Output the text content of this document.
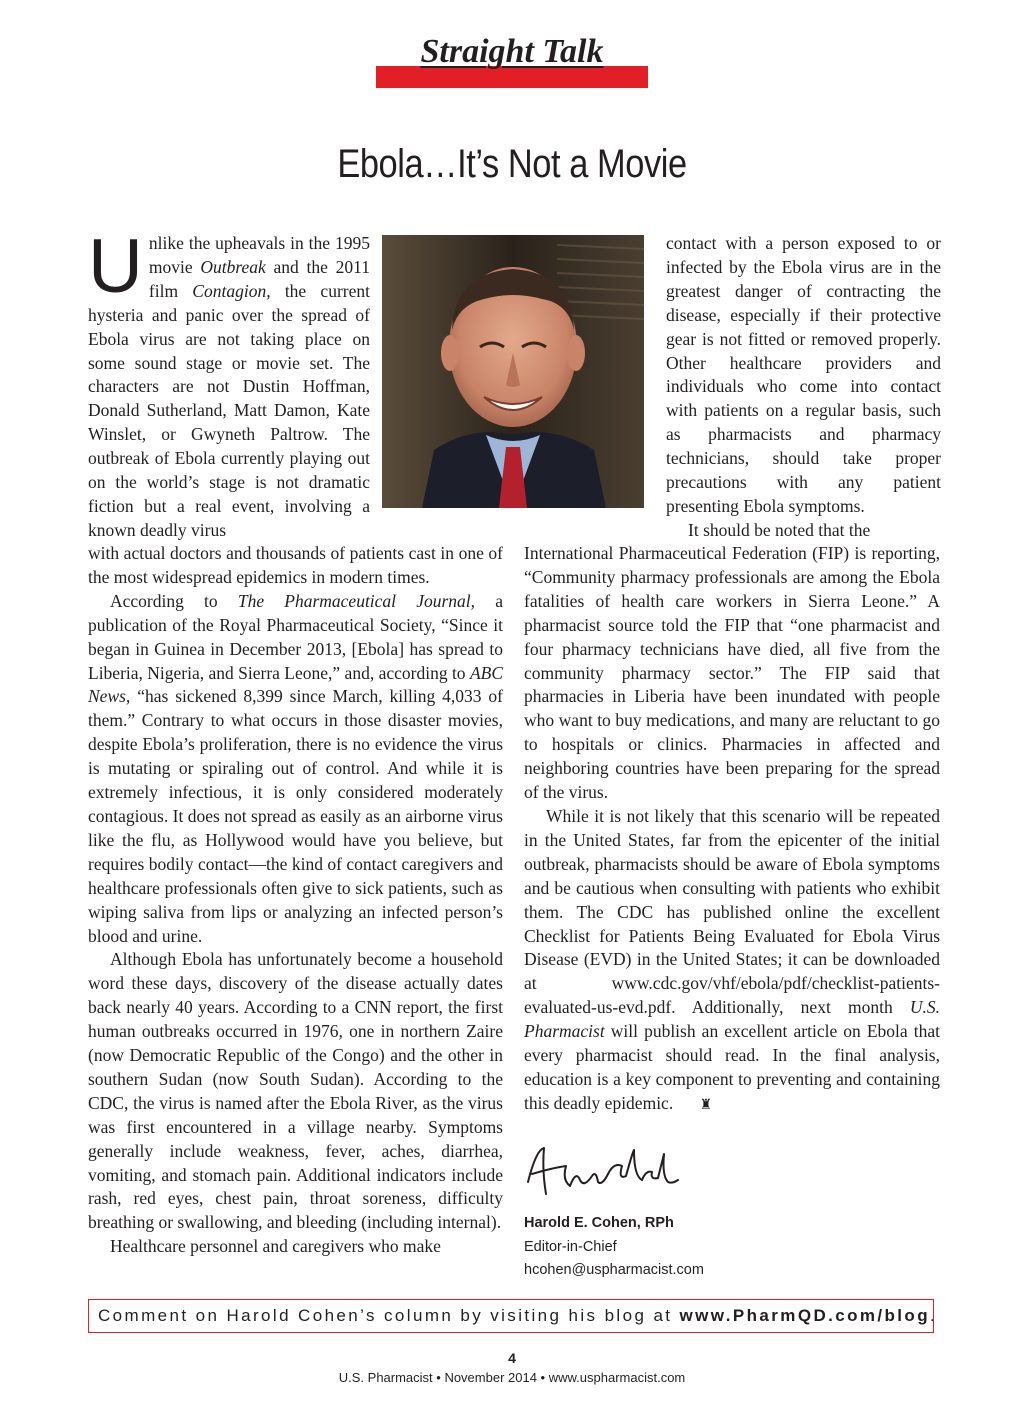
Straight Talk
Ebola…It’s Not a Movie

Unlike the upheavals in the 1995 movie Outbreak and the 2011 film Contagion, the current hysteria and panic over the spread of Ebola virus are not taking place on some sound stage or movie set. The characters are not Dustin Hoffman, Donald Sutherland, Matt Damon, Kate Winslet, or Gwyneth Paltrow. The outbreak of Ebola currently playing out on the world’s stage is not dramatic fiction but a real event, involving a known deadly virus

with actual doctors and thousands of patients cast in one of the most widespread epidemics in modern times.

According to The Pharmaceutical Journal, a publication of the Royal Pharmaceutical Society, “Since it began in Guinea in December 2013, [Ebola] has spread to Liberia, Nigeria, and Sierra Leone,” and, according to ABC News, “has sickened 8,399 since March, killing 4,033 of them.” Contrary to what occurs in those disaster movies, despite Ebola’s proliferation, there is no evidence the virus is mutating or spiraling out of control. And while it is extremely infectious, it is only considered moderately contagious. It does not spread as easily as an airborne virus like the flu, as Hollywood would have you believe, but requires bodily contact—the kind of contact caregivers and healthcare professionals often give to sick patients, such as wiping saliva from lips or analyzing an infected person’s blood and urine.

Although Ebola has unfortunately become a household word these days, discovery of the disease actually dates back nearly 40 years. According to a CNN report, the first human outbreaks occurred in 1976, one in northern Zaire (now Democratic Republic of the Congo) and the other in southern Sudan (now South Sudan). According to the CDC, the virus is named after the Ebola River, as the virus was first encountered in a village nearby. Symptoms generally include weakness, fever, aches, diarrhea, vomiting, and stomach pain. Additional indicators include rash, red eyes, chest pain, throat soreness, difficulty breathing or swallowing, and bleeding (including internal).

Healthcare personnel and caregivers who make

contact with a person exposed to or infected by the Ebola virus are in the greatest danger of contracting the disease, especially if their protective gear is not fitted or removed properly. Other healthcare providers and individuals who come into contact with patients on a regular basis, such as pharmacists and pharmacy technicians, should take proper precautions with any patient presenting Ebola symptoms.

It should be noted that the

International Pharmaceutical Federation (FIP) is reporting, “Community pharmacy professionals are among the Ebola fatalities of health care workers in Sierra Leone.” A pharmacist source told the FIP that “one pharmacist and four pharmacy technicians have died, all five from the community pharmacy sector.” The FIP said that pharmacies in Liberia have been inundated with people who want to buy medications, and many are reluctant to go to hospitals or clinics. Pharmacies in affected and neighboring countries have been preparing for the spread of the virus.

While it is not likely that this scenario will be repeated in the United States, far from the epicenter of the initial outbreak, pharmacists should be aware of Ebola symptoms and be cautious when consulting with patients who exhibit them. The CDC has published online the excellent Checklist for Patients Being Evaluated for Ebola Virus Disease (EVD) in the United States; it can be downloaded at www.cdc.gov/vhf/ebola/pdf/checklist-patients-evaluated-us-evd.pdf. Additionally, next month U.S. Pharmacist will publish an excellent article on Ebola that every pharmacist should read. In the final analysis, education is a key component to preventing and containing this deadly epidemic. ♜

Harold E. Cohen, RPh
Editor-in-Chief
hcohen@uspharmacist.com
Comment on Harold Cohen’s column by visiting his blog at www.PharmQD.com/blog.
4
U.S. Pharmacist • November 2014 • www.uspharmacist.com
